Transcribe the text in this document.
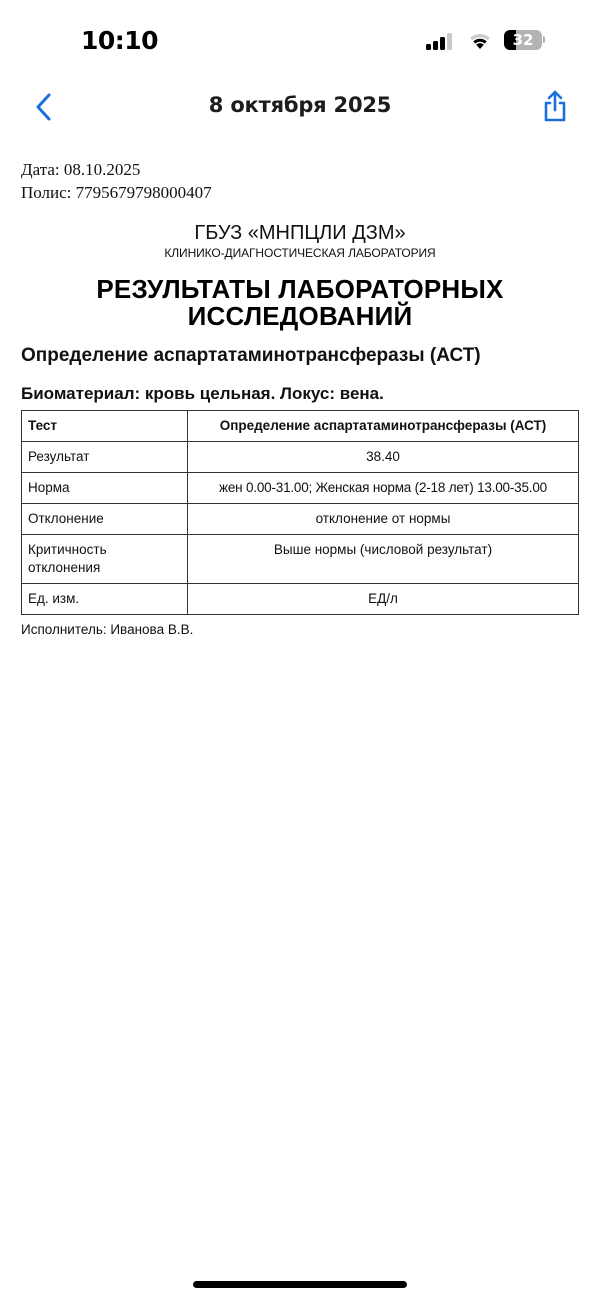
10:10	32
8 октября 2025
Дата: 08.10.2025
Полис: 7795679798000407
ГБУЗ «МНПЦЛИ ДЗМ»
КЛИНИКО-ДИАГНОСТИЧЕСКАЯ ЛАБОРАТОРИЯ
РЕЗУЛЬТАТЫ ЛАБОРАТОРНЫХ
ИССЛЕДОВАНИЙ
Определение аспартатаминотрансферазы (АСТ)
Биоматериал: кровь цельная. Локус: вена.
Тест	Определение аспартатаминотрансферазы (АСТ)
Результат	38.40
Норма	жен 0.00-31.00; Женская норма (2-18 лет) 13.00-35.00
Отклонение	отклонение от нормы
Критичность отклонения	Выше нормы (числовой результат)
Ед. изм.	ЕД/л
Исполнитель: Иванова В.В.
